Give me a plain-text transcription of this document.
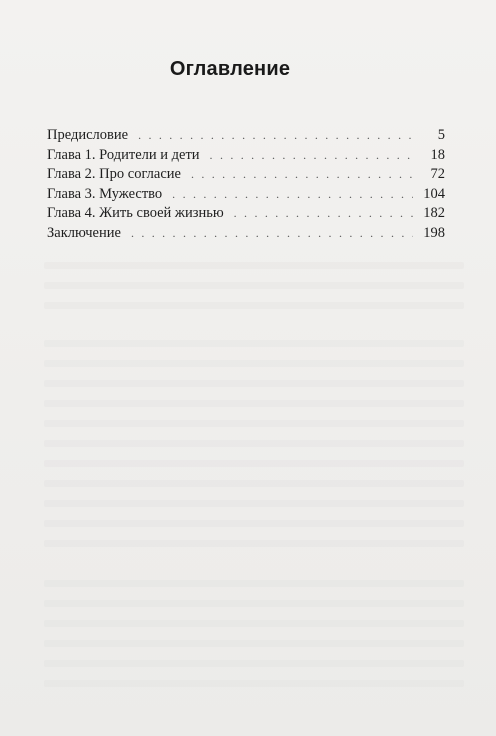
Оглавление
Предисловие . . .	5
Глава 1. Родители и дети . . .	18
Глава 2. Про согласие . . .	72
Глава 3. Мужество . . .	104
Глава 4. Жить своей жизнью . . .	182
Заключение . . .	198
